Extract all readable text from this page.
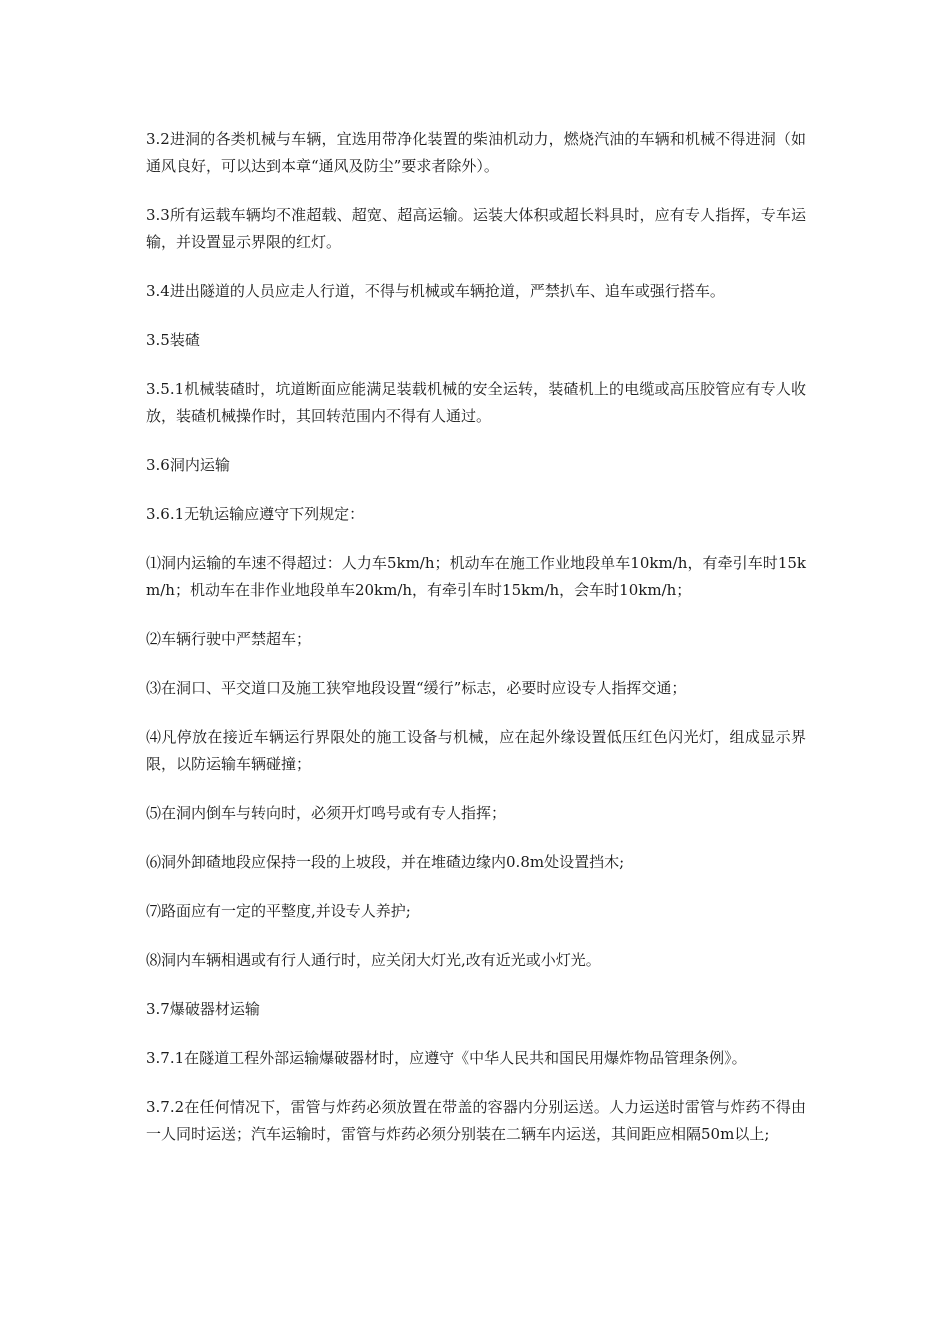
3.2进洞的各类机械与车辆，宜选用带净化装置的柴油机动力，燃烧汽油的车辆和机械不得进洞（如通风良好，可以达到本章“通风及防尘”要求者除外）。

3.3所有运载车辆均不准超载、超宽、超高运输。运装大体积或超长料具时，应有专人指挥，专车运输，并设置显示界限的红灯。

3.4进出隧道的人员应走人行道，不得与机械或车辆抢道，严禁扒车、追车或强行搭车。

3.5装碴

3.5.1机械装碴时，坑道断面应能满足装载机械的安全运转，装碴机上的电缆或高压胶管应有专人收放，装碴机械操作时，其回转范围内不得有人通过。

3.6洞内运输

3.6.1无轨运输应遵守下列规定：

⑴洞内运输的车速不得超过：人力车5km/h；机动车在施工作业地段单车10km/h，有牵引车时15km/h；机动车在非作业地段单车20km/h，有牵引车时15km/h，会车时10km/h；

⑵车辆行驶中严禁超车；

⑶在洞口、平交道口及施工狭窄地段设置“缓行”标志，必要时应设专人指挥交通；

⑷凡停放在接近车辆运行界限处的施工设备与机械，应在起外缘设置低压红色闪光灯，组成显示界限，以防运输车辆碰撞；

⑸在洞内倒车与转向时，必须开灯鸣号或有专人指挥；

⑹洞外卸碴地段应保持一段的上坡段，并在堆碴边缘内0.8m处设置挡木;

⑺路面应有一定的平整度,并设专人养护;

⑻洞内车辆相遇或有行人通行时，应关闭大灯光,改有近光或小灯光。

3.7爆破器材运输

3.7.1在隧道工程外部运输爆破器材时，应遵守《中华人民共和国民用爆炸物品管理条例》。

3.7.2在任何情况下，雷管与炸药必须放置在带盖的容器内分别运送。人力运送时雷管与炸药不得由一人同时运送；汽车运输时，雷管与炸药必须分别装在二辆车内运送，其间距应相隔50m以上;
